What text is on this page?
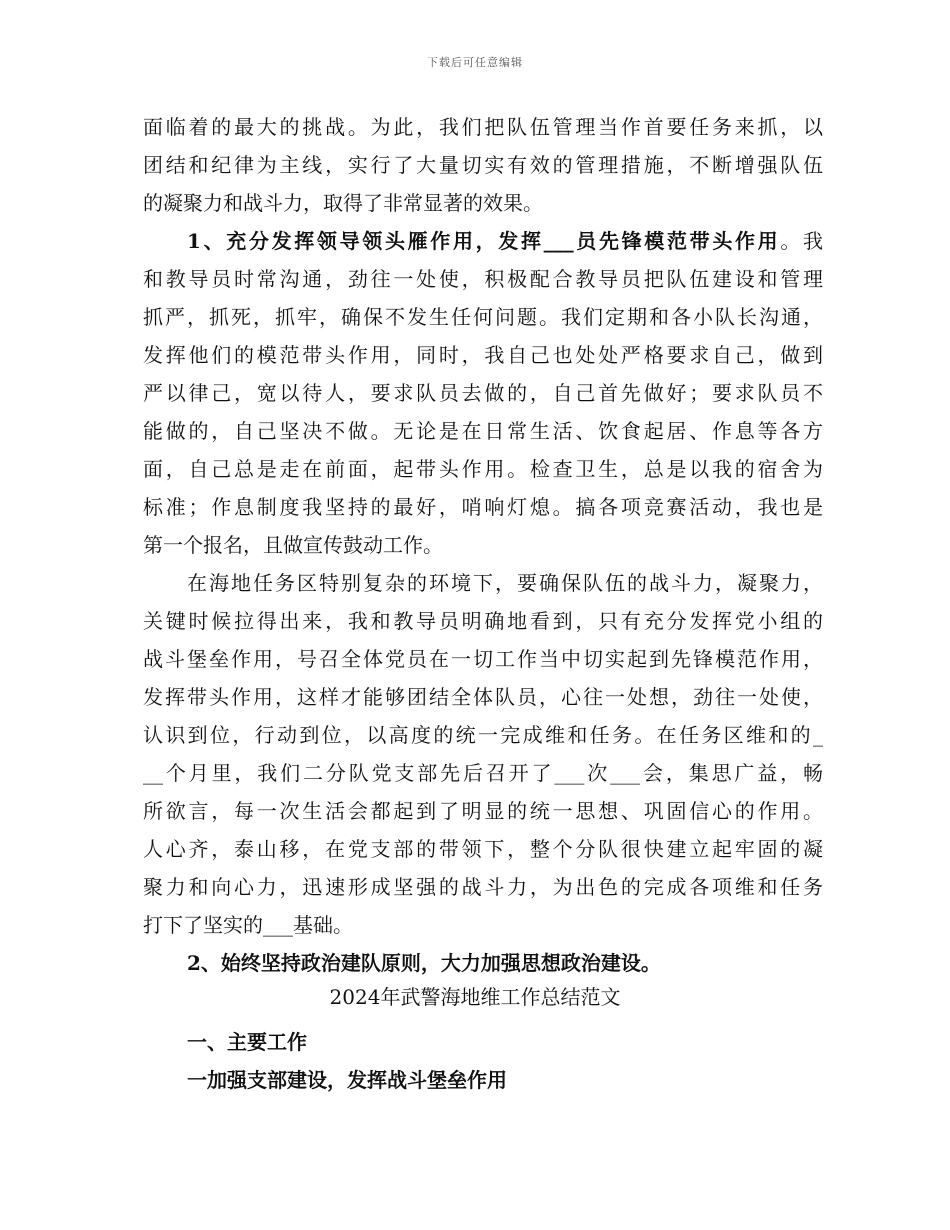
下载后可任意编辑
面临着的最大的挑战。为此，我们把队伍管理当作首要任务来抓，以
团结和纪律为主线，实行了大量切实有效的管理措施，不断增强队伍
的凝聚力和战斗力，取得了非常显著的效果。
1、充分发挥领导领头雁作用，发挥___员先锋模范带头作用。我
和教导员时常沟通，劲往一处使，积极配合教导员把队伍建设和管理
抓严，抓死，抓牢，确保不发生任何问题。我们定期和各小队长沟通，
发挥他们的模范带头作用，同时，我自己也处处严格要求自己，做到
严以律己，宽以待人，要求队员去做的，自己首先做好；要求队员不
能做的，自己坚决不做。无论是在日常生活、饮食起居、作息等各方
面，自己总是走在前面，起带头作用。检查卫生，总是以我的宿舍为
标准；作息制度我坚持的最好，哨响灯熄。搞各项竞赛活动，我也是
第一个报名，且做宣传鼓动工作。
在海地任务区特别复杂的环境下，要确保队伍的战斗力，凝聚力，
关键时候拉得出来，我和教导员明确地看到，只有充分发挥党小组的
战斗堡垒作用，号召全体党员在一切工作当中切实起到先锋模范作用，
发挥带头作用，这样才能够团结全体队员，心往一处想，劲往一处使，
认识到位，行动到位，以高度的统一完成维和任务。在任务区维和的_
__个月里，我们二分队党支部先后召开了___次___会，集思广益，畅
所欲言，每一次生活会都起到了明显的统一思想、巩固信心的作用。
人心齐，泰山移，在党支部的带领下，整个分队很快建立起牢固的凝
聚力和向心力，迅速形成坚强的战斗力，为出色的完成各项维和任务
打下了坚实的___基础。
2、始终坚持政治建队原则，大力加强思想政治建设。
2024年武警海地维工作总结范文
一、主要工作
一加强支部建设，发挥战斗堡垒作用
